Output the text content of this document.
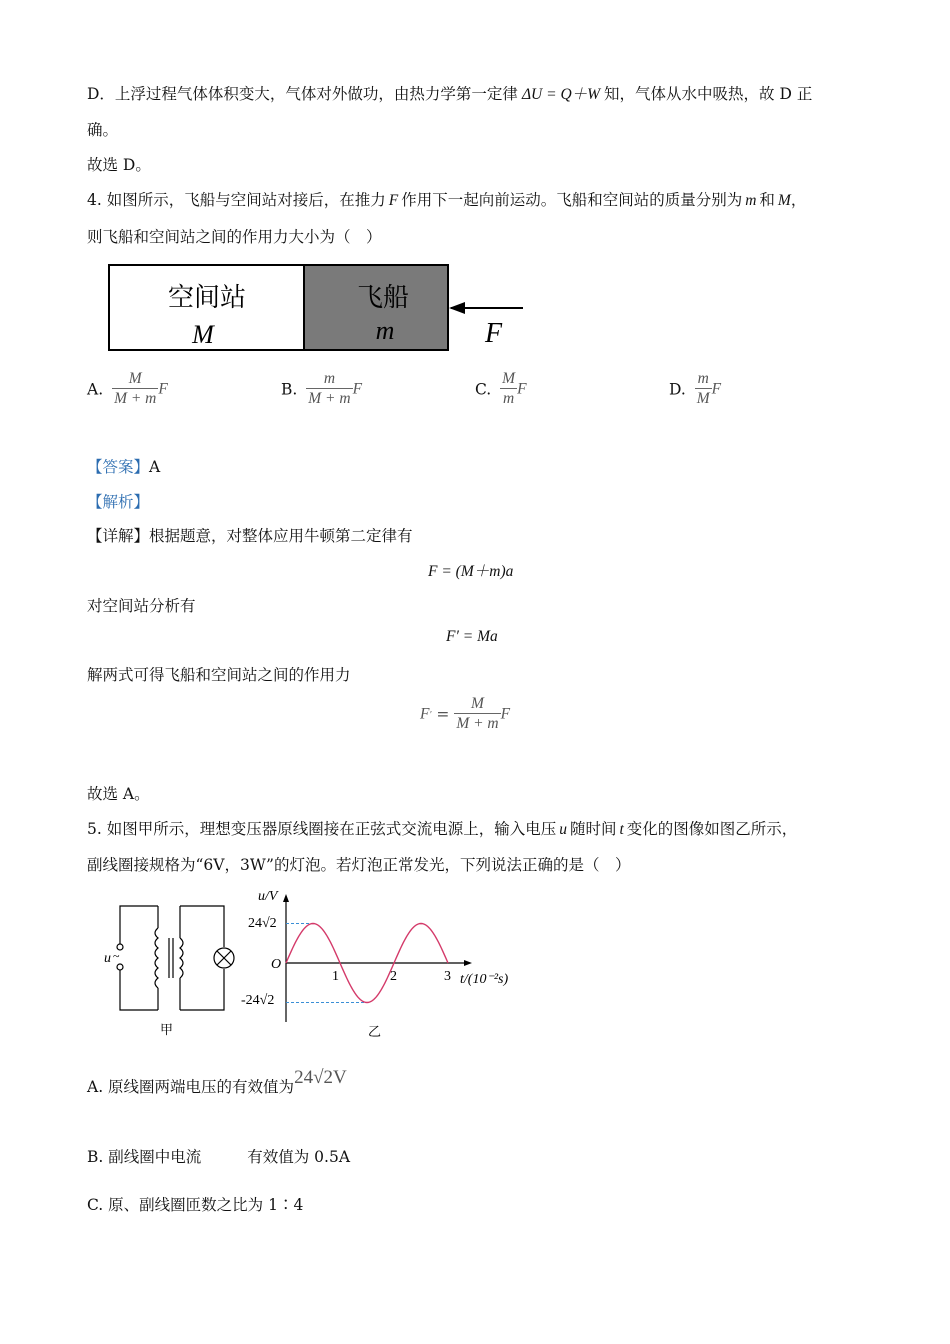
D．上浮过程气体体积变大，气体对外做功，由热力学第一定律 ΔU = Q＋W 知，气体从水中吸热，故 D 正
确。
故选 D。
4. 如图所示，飞船与空间站对接后，在推力 F 作用下一起向前运动。飞船和空间站的质量分别为 m 和 M，
则飞船和空间站之间的作用力大小为（　）
空间站
M
飞船
m	F
A. $\frac{M}{M + m}$ F	B. $\frac{m}{M + m}$ F	C. $\frac{M}{m}$ F	D. $\frac{m}{M}$ F
【答案】A
【解析】
【详解】根据题意，对整体应用牛顿第二定律有
F = (M＋m)a
对空间站分析有
F′ = Ma
解两式可得飞船和空间站之间的作用力
$F' = \frac{M}{M + m}$ F
故选 A。
5. 如图甲所示，理想变压器原线圈接在正弦式交流电源上，输入电压 u 随时间 t 变化的图像如图乙所示，
副线圈接规格为“6V，3W”的灯泡。若灯泡正常发光，下列说法正确的是（　）
u ~
甲
u/V
t/(10⁻²s)
O
24√2
-24√2
1	2	3
乙
A. 原线圈两端电压的有效值为24√2V
B. 副线圈中电流	有效值为 0.5A
C. 原、副线圈匝数之比为 1∶4
